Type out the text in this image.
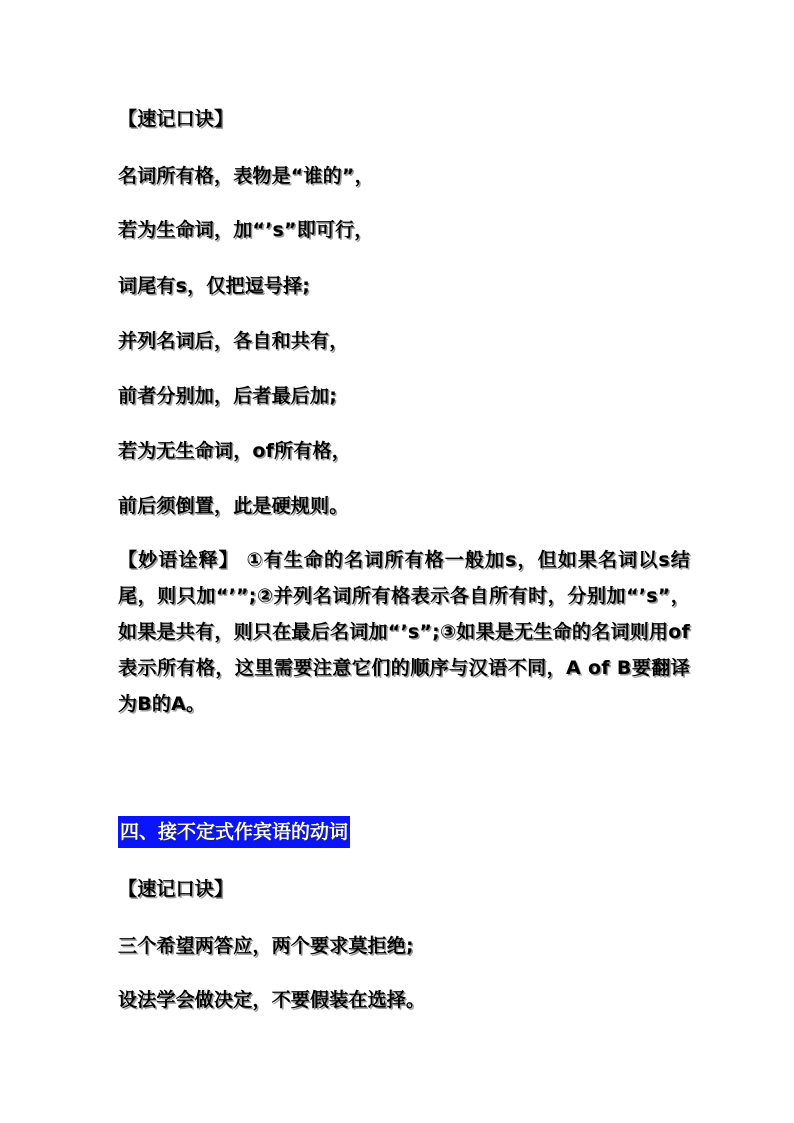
【速记口诀】
名词所有格，表物是“谁的”，
若为生命词，加“’s”即可行，
词尾有s，仅把逗号择;
并列名词后，各自和共有，
前者分别加，后者最后加;
若为无生命词，of所有格，
前后须倒置，此是硬规则。
【妙语诠释】 ①有生命的名词所有格一般加s，但如果名词以s结尾，则只加“’”;②并列名词所有格表示各自所有时，分别加“’s”，如果是共有，则只在最后名词加“’s”;③如果是无生命的名词则用of表示所有格，这里需要注意它们的顺序与汉语不同，A of B要翻译为B的A。
四、接不定式作宾语的动词
【速记口诀】
三个希望两答应，两个要求莫拒绝;
设法学会做决定，不要假装在选择。
